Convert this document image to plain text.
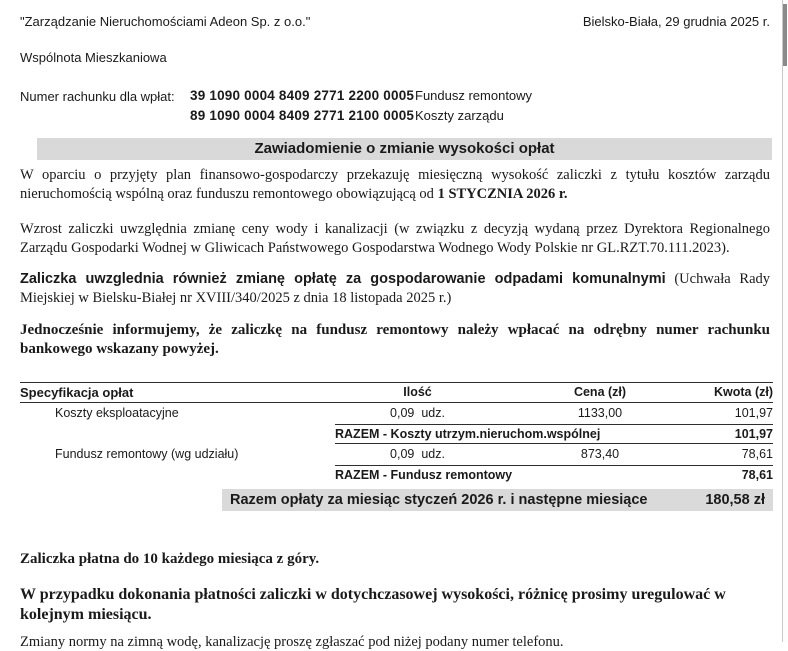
"Zarządzanie Nieruchomościami Adeon Sp. z o.o."	Bielsko-Biała, 29 grudnia 2025 r.
Wspólnota Mieszkaniowa
Numer rachunku dla wpłat:	39 1090 0004 8409 2771 2200 0005 Fundusz remontowy
89 1090 0004 8409 2771 2100 0005 Koszty zarządu
Zawiadomienie o zmianie wysokości opłat

W oparciu o przyjęty plan finansowo-gospodarczy przekazuję miesięczną wysokość zaliczki z tytułu kosztów zarządu nieruchomością wspólną oraz funduszu remontowego obowiązującą od 1 STYCZNIA 2026 r.

Wzrost zaliczki uwzględnia zmianę ceny wody i kanalizacji (w związku z decyzją wydaną przez Dyrektora Regionalnego Zarządu Gospodarki Wodnej w Gliwicach Państwowego Gospodarstwa Wodnego Wody Polskie nr GL.RZT.70.111.2023).

Zaliczka uwzglednia również zmianę opłatę za gospodarowanie odpadami komunalnymi (Uchwała Rady Miejskiej w Bielsku-Białej nr XVIII/340/2025 z dnia 18 listopada 2025 r.)

Jednocześnie informujemy, że zaliczkę na fundusz remontowy należy wpłacać na odrębny numer rachunku bankowego wskazany powyżej.

Specyfikacja opłat	Ilość	Cena (zł)	Kwota (zł)
Koszty eksploatacyjne	0,09 udz.	1133,00	101,97
RAZEM - Koszty utrzym.nieruchom.wspólnej	101,97
Fundusz remontowy (wg udziału)	0,09 udz.	873,40	78,61
RAZEM - Fundusz remontowy	78,61
Razem opłaty za miesiąc styczeń 2026 r. i następne miesiące	180,58 zł

Zaliczka płatna do 10 każdego miesiąca z góry.

W przypadku dokonania płatności zaliczki w dotychczasowej wysokości, różnicę prosimy uregulować w kolejnym miesiącu.

Zmiany normy na zimną wodę, kanalizację proszę zgłaszać pod niżej podany numer telefonu.
